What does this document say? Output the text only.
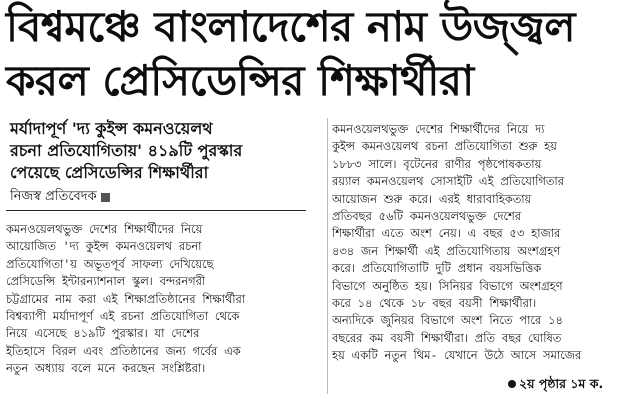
বিশ্বমঞ্চে বাংলাদেশের নাম উজ্জ্বল
করল প্রেসিডেন্সির শিক্ষার্থীরা
মর্যাদাপূর্ণ 'দ্য কুইন্স কমনওয়েলথ
রচনা প্রতিযোগিতায়' ৪১৯টি পুরস্কার
পেয়েছে প্রেসিডেন্সির শিক্ষার্থীরা
নিজস্ব প্রতিবেদক
কমনওয়েলথভুক্ত দেশের শিক্ষার্থীদের নিয়ে
আয়োজিত 'দ্য কুইন্স কমনওয়েলথ রচনা
প্রতিযোগিতা'য় অভূতপূর্ব সাফল্য দেখিয়েছে
প্রেসিডেন্সি ইন্টারন্যাশনাল স্কুল। বন্দরনগরী
চট্টগ্রামের নাম করা এই শিক্ষাপ্রতিষ্ঠানের শিক্ষার্থীরা
বিশ্বব্যাপী মর্যাদাপূর্ণ এই রচনা প্রতিযোগিতা থেকে
নিয়ে এসেছে ৪১৯টি পুরস্কার। যা দেশের
ইতিহাসে বিরল এবং প্রতিষ্ঠানের জন্য গর্বের এক
নতুন অধ্যায় বলে মনে করছেন সংশ্লিষ্টরা।
কমনওয়েলথভুক্ত দেশের শিক্ষার্থীদের নিয়ে দ্য
কুইন্স কমনওয়েলথ রচনা প্রতিযোগিতা শুরু হয়
১৮৮৩ সালে। বৃটেনের রাণীর পৃষ্ঠপোষকতায়
রয়্যাল কমনওয়েলথ সোসাইটি এই প্রতিযোগিতার
আয়োজন শুরু করে। এরই ধারাবাহিকতায়
প্রতিবছর ৫৬টি কমনওয়েলথভুক্ত দেশের
শিক্ষার্থীরা এতে অংশ নেয়। এ বছর ৫৩ হাজার
৪৩৪ জন শিক্ষার্থী এই প্রতিযোগিতায় অংশগ্রহণ
করে। প্রতিযোগিতাটি দুটি প্রধান বয়সভিত্তিক
বিভাগে অনুষ্ঠিত হয়। সিনিয়র বিভাগে অংশগ্রহণ
করে ১৪ থেকে ১৮ বছর বয়সী শিক্ষার্থীরা।
অন্যদিকে জুনিয়র বিভাগে অংশ নিতে পারে ১৪
বছরের কম বয়সী শিক্ষার্থীরা। প্রতি বছর ঘোষিত
হয় একটি নতুন থিম- যেখানে উঠে আসে সমাজের
২য় পৃষ্ঠার ১ম ক.
